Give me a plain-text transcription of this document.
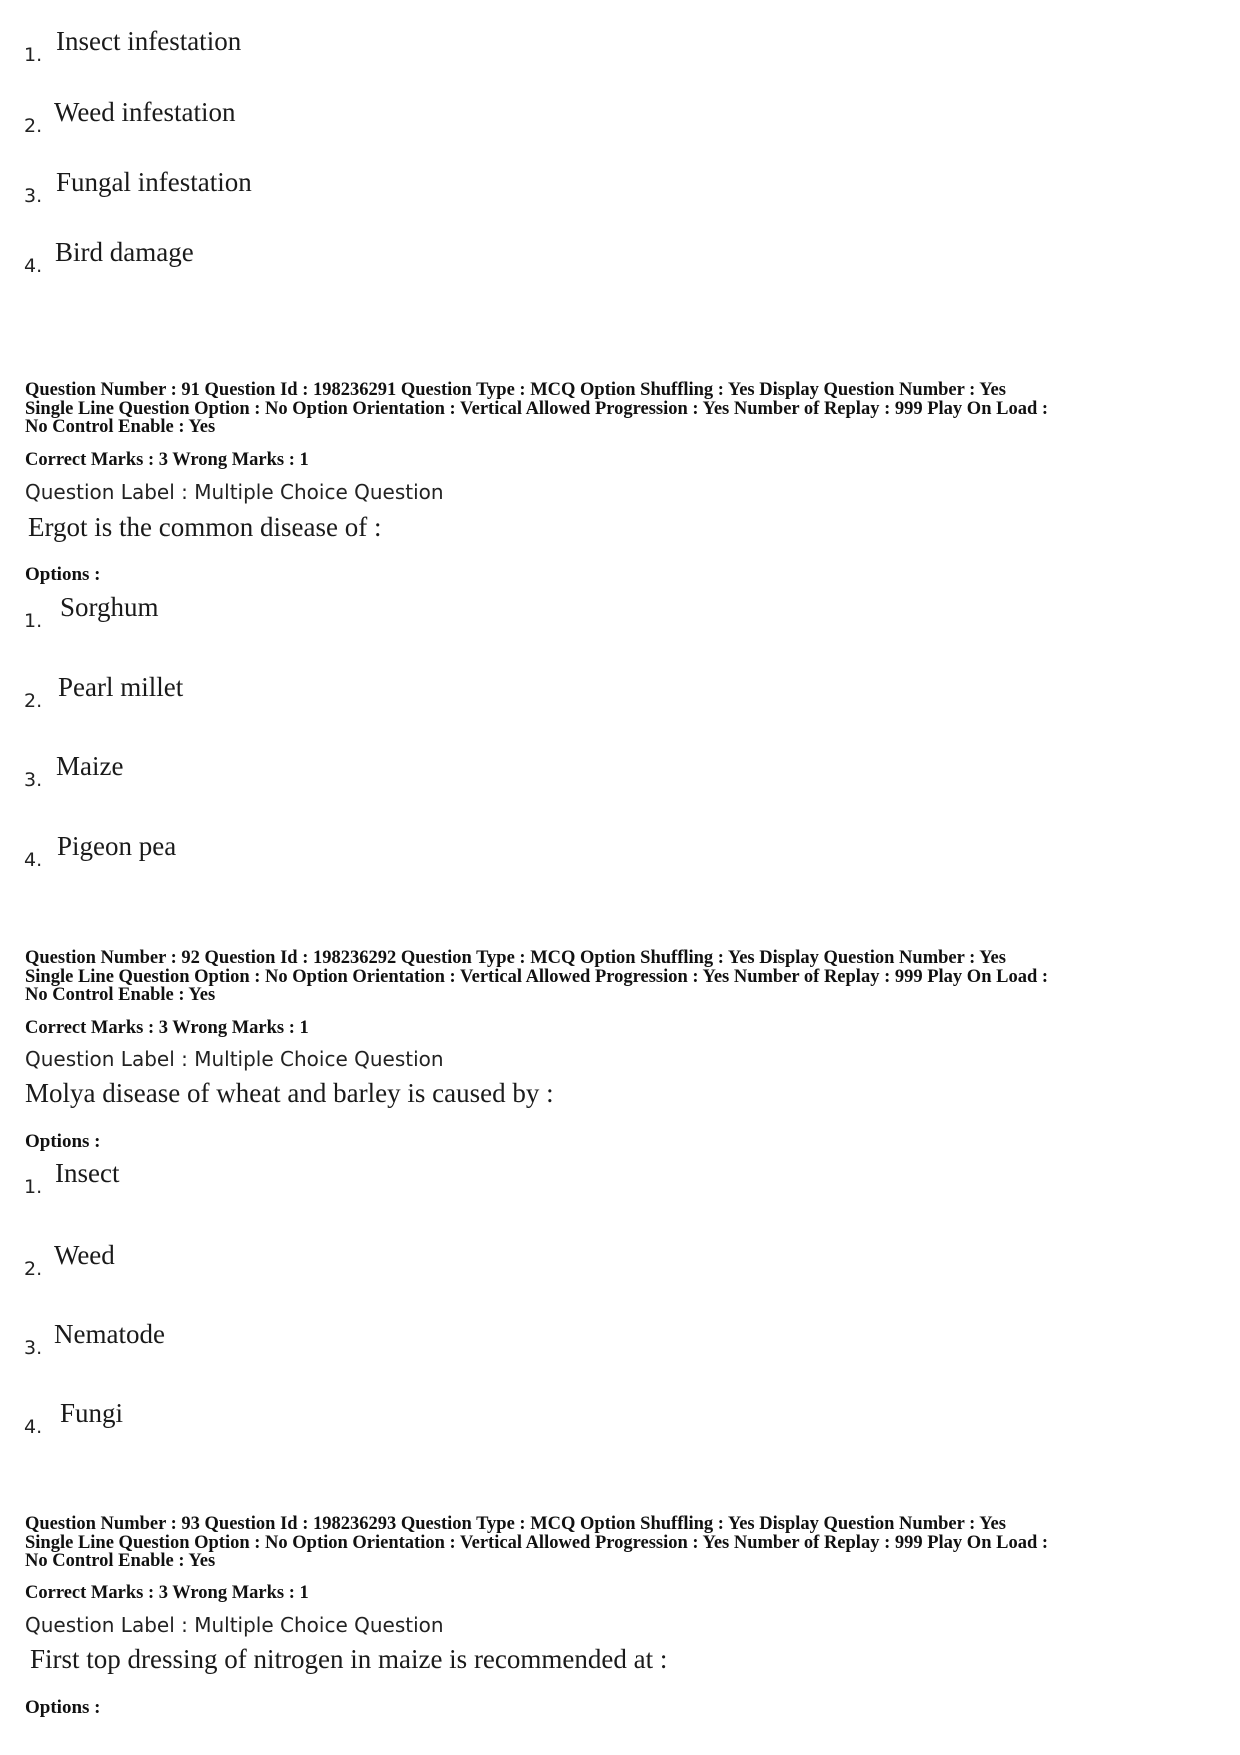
1. Insect infestation
2. Weed infestation
3. Fungal infestation
4. Bird damage
Question Number : 91 Question Id : 198236291 Question Type : MCQ Option Shuffling : Yes Display Question Number : Yes
Single Line Question Option : No Option Orientation : Vertical Allowed Progression : Yes Number of Replay : 999 Play On Load :
No Control Enable : Yes
Correct Marks : 3 Wrong Marks : 1
Question Label : Multiple Choice Question
Ergot is the common disease of :
Options :
1. Sorghum
2. Pearl millet
3. Maize
4. Pigeon pea
Question Number : 92 Question Id : 198236292 Question Type : MCQ Option Shuffling : Yes Display Question Number : Yes
Single Line Question Option : No Option Orientation : Vertical Allowed Progression : Yes Number of Replay : 999 Play On Load :
No Control Enable : Yes
Correct Marks : 3 Wrong Marks : 1
Question Label : Multiple Choice Question
Molya disease of wheat and barley is caused by :
Options :
1. Insect
2. Weed
3. Nematode
4. Fungi
Question Number : 93 Question Id : 198236293 Question Type : MCQ Option Shuffling : Yes Display Question Number : Yes
Single Line Question Option : No Option Orientation : Vertical Allowed Progression : Yes Number of Replay : 999 Play On Load :
No Control Enable : Yes
Correct Marks : 3 Wrong Marks : 1
Question Label : Multiple Choice Question
First top dressing of nitrogen in maize is recommended at :
Options :
